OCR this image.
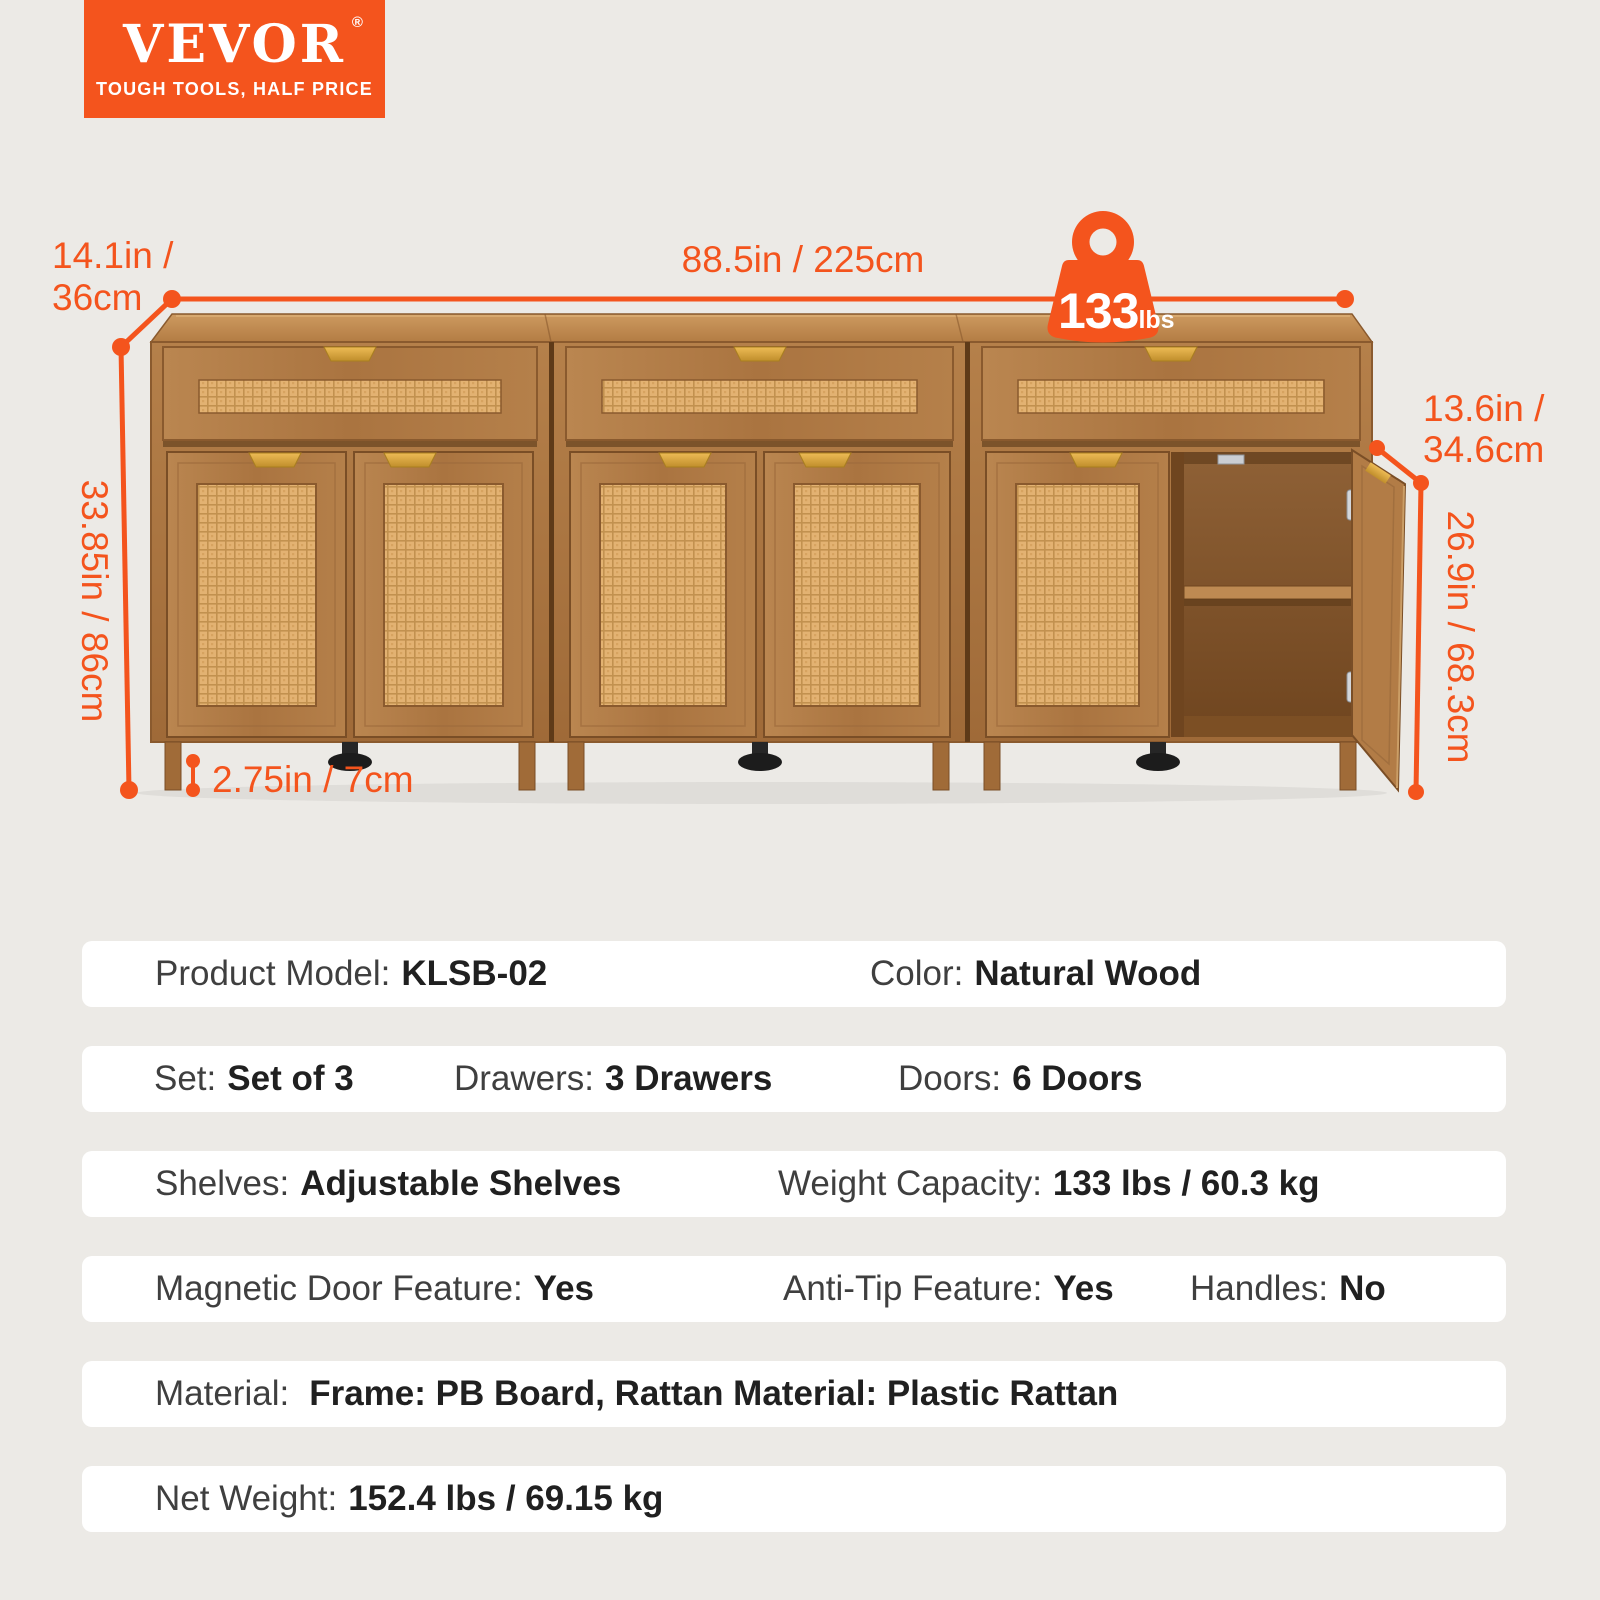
VEVOR ®
TOUGH TOOLS, HALF PRICE
133lbs
88.5in / 225cm
14.1in /
36cm
33.85in / 86cm
13.6in /
34.6cm
26.9in / 68.3cm
2.75in / 7cm
Product Model: KLSB-02	Color: Natural Wood
Set: Set of 3	Drawers: 3 Drawers	Doors: 6 Doors
Shelves: Adjustable Shelves	Weight Capacity: 133 lbs / 60.3 kg
Magnetic Door Feature: Yes	Anti-Tip Feature: Yes Handles: No
Material: Frame: PB Board, Rattan Material: Plastic Rattan
Net Weight: 152.4 lbs / 69.15 kg
